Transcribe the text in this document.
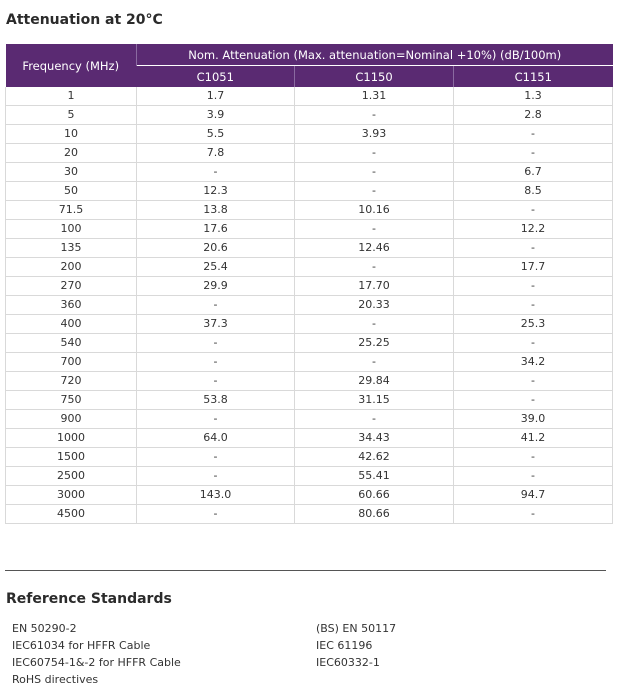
Attenuation at 20°C
Frequency (MHz)	Nom. Attenuation (Max. attenuation=Nominal +10%) (dB/100m)		
	C1051	C1150	C1151
1	1.7	1.31	1.3
5	3.9	-	2.8
10	5.5	3.93	-
20	7.8	-	-
30	-	-	6.7
50	12.3	-	8.5
71.5	13.8	10.16	-
100	17.6	-	12.2
135	20.6	12.46	-
200	25.4	-	17.7
270	29.9	17.70	-
360	-	20.33	-
400	37.3	-	25.3
540	-	25.25	-
700	-	-	34.2
720	-	29.84	-
750	53.8	31.15	-
900	-	-	39.0
1000	64.0	34.43	41.2
1500	-	42.62	-
2500	-	55.41	-
3000	143.0	60.66	94.7
4500	-	80.66	-
Reference Standards
EN 50290-2
IEC61034 for HFFR Cable
IEC60754-1&-2 for HFFR Cable
RoHS directives
(BS) EN 50117
IEC 61196
IEC60332-1
